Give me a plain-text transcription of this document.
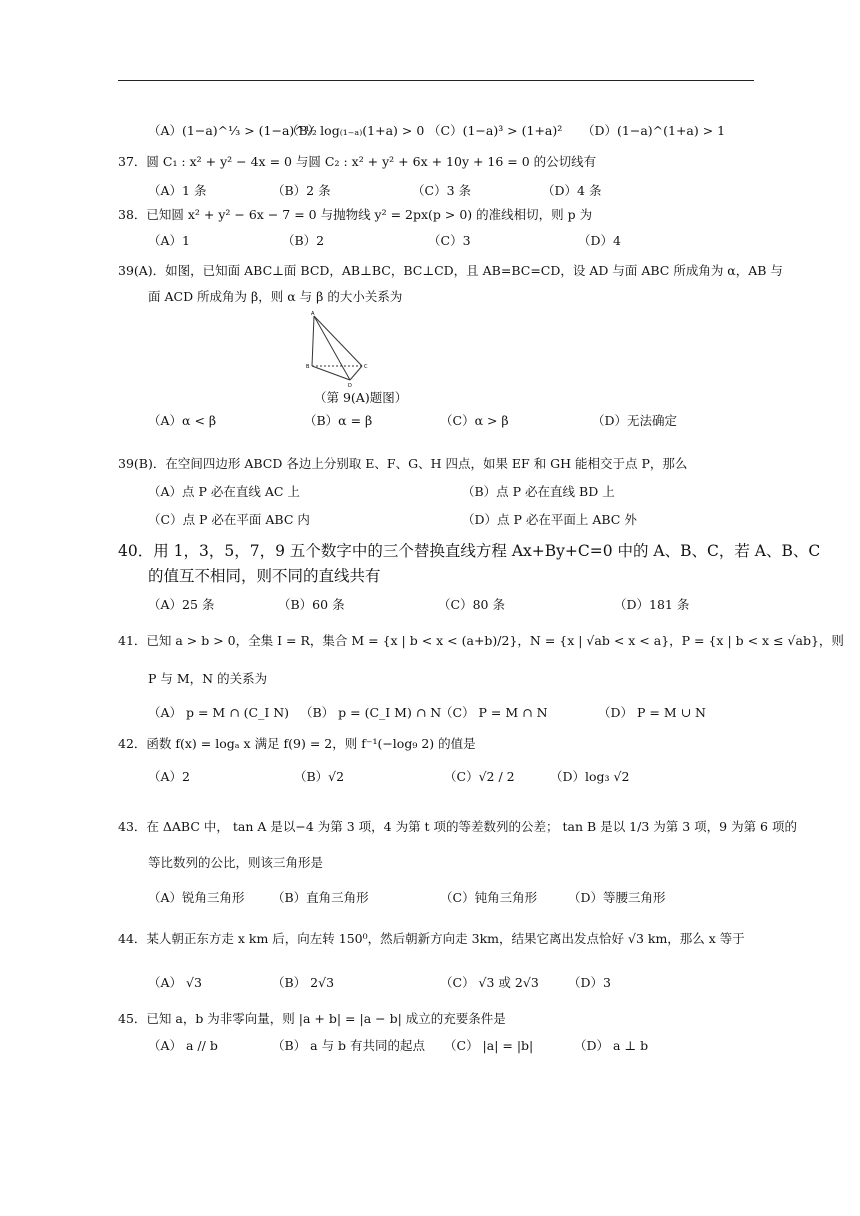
（A）(1−a)^⅓ > (1−a)^½
（B）log₍₁₋ₐ₎(1+a) > 0 （C）(1−a)³ > (1+a)² （D）(1−a)^(1+a) > 1
37．圆 C₁ : x² + y² − 4x = 0 与圆 C₂ : x² + y² + 6x + 10y + 16 = 0 的公切线有
（A）1 条	（B）2 条	（C）3 条	（D）4 条
38．已知圆 x² + y² − 6x − 7 = 0 与抛物线 y² = 2px(p > 0) 的准线相切，则 p 为
（A）1	（B）2	（C）3	（D）4
39(A)．如图，已知面 ABC⊥面 BCD，AB⊥BC，BC⊥CD，且 AB=BC=CD，设 AD 与面 ABC 所成角为 α，AB 与
面 ACD 所成角为 β，则 α 与 β 的大小关系为
A
B	C
D
（第 9(A)题图）
（A）α < β	（B）α = β	（C）α > β	（D）无法确定
39(B)．在空间四边形 ABCD 各边上分别取 E、F、G、H 四点，如果 EF 和 GH 能相交于点 P，那么
（A）点 P 必在直线 AC 上	（B）点 P 必在直线 BD 上
（C）点 P 必在平面 ABC 内	（D）点 P 必在平面上 ABC 外
40．用 1，3，5，7，9 五个数字中的三个替换直线方程 Ax+By+C=0 中的 A、B、C，若 A、B、C
的值互不相同，则不同的直线共有
（A）25 条	（B）60 条	（C）80 条	（D）181 条
41．已知 a > b > 0，全集 I = R，集合 M = {x | b < x < (a+b)/2}，N = {x | √ab < x < a}，P = {x | b < x ≤ √ab}，则
P 与 M，N 的关系为
（A） p = M ∩ (C_I N) （B） p = (C_I M) ∩ N
（C） P = M ∩ N	（D） P = M ∪ N
42．函数 f(x) = logₐ x 满足 f(9) = 2，则 f⁻¹(−log₉ 2) 的值是
（A）2	（B）√2	（C）√2 / 2	（D）log₃ √2
43．在 ΔABC 中， tan A 是以−4 为第 3 项，4 为第 t 项的等差数列的公差； tan B 是以 1/3 为第 3 项，9 为第 6 项的
等比数列的公比，则该三角形是
（A）锐角三角形 （B）直角三角形	（C）钝角三角形 （D）等腰三角形
44．某人朝正东方走 x km 后，向左转 150⁰，然后朝新方向走 3km，结果它离出发点恰好 √3 km，那么 x 等于
（A） √3	（B） 2√3	（C） √3 或 2√3 （D）3
45．已知 a，b 为非零向量，则 |a + b| = |a − b| 成立的充要条件是
（A） a // b	（B） a 与 b 有共同的起点 （C） |a| = |b|	（D） a ⊥ b
